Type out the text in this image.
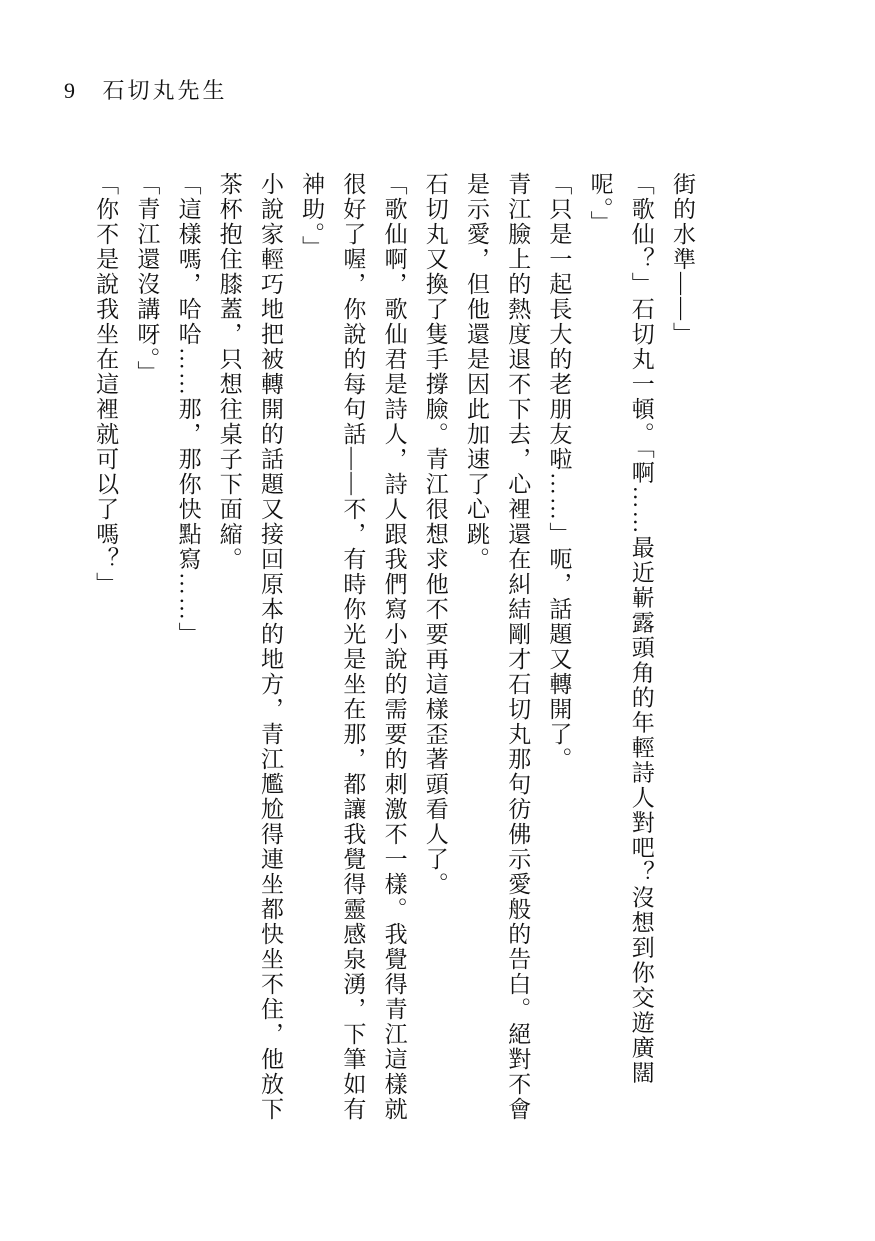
9 石切丸先生

街的水準——」

「歌仙？」石切丸一頓。「啊……最近嶄露頭角的年輕詩人對吧？沒想到你交遊廣闊呢。」

「只是一起長大的老朋友啦……」呃，話題又轉開了。

青江臉上的熱度退不下去，心裡還在糾結剛才石切丸那句彷佛示愛般的告白。絕對不會是示愛，但他還是因此加速了心跳。

石切丸又換了隻手撐臉。青江很想求他不要再這樣歪著頭看人了。

「歌仙啊，歌仙君是詩人，詩人跟我們寫小說的需要的刺激不一樣。我覺得青江這樣就很好了喔，你說的每句話——不，有時你光是坐在那，都讓我覺得靈感泉湧，下筆如有神助。」

小說家輕巧地把被轉開的話題又接回原本的地方，青江尷尬得連坐都快坐不住，他放下茶杯抱住膝蓋，只想往桌子下面縮。

「這樣嗎，哈哈……那，那你快點寫……」

「青江還沒講呀。」

「你不是說我坐在這裡就可以了嗎？」
